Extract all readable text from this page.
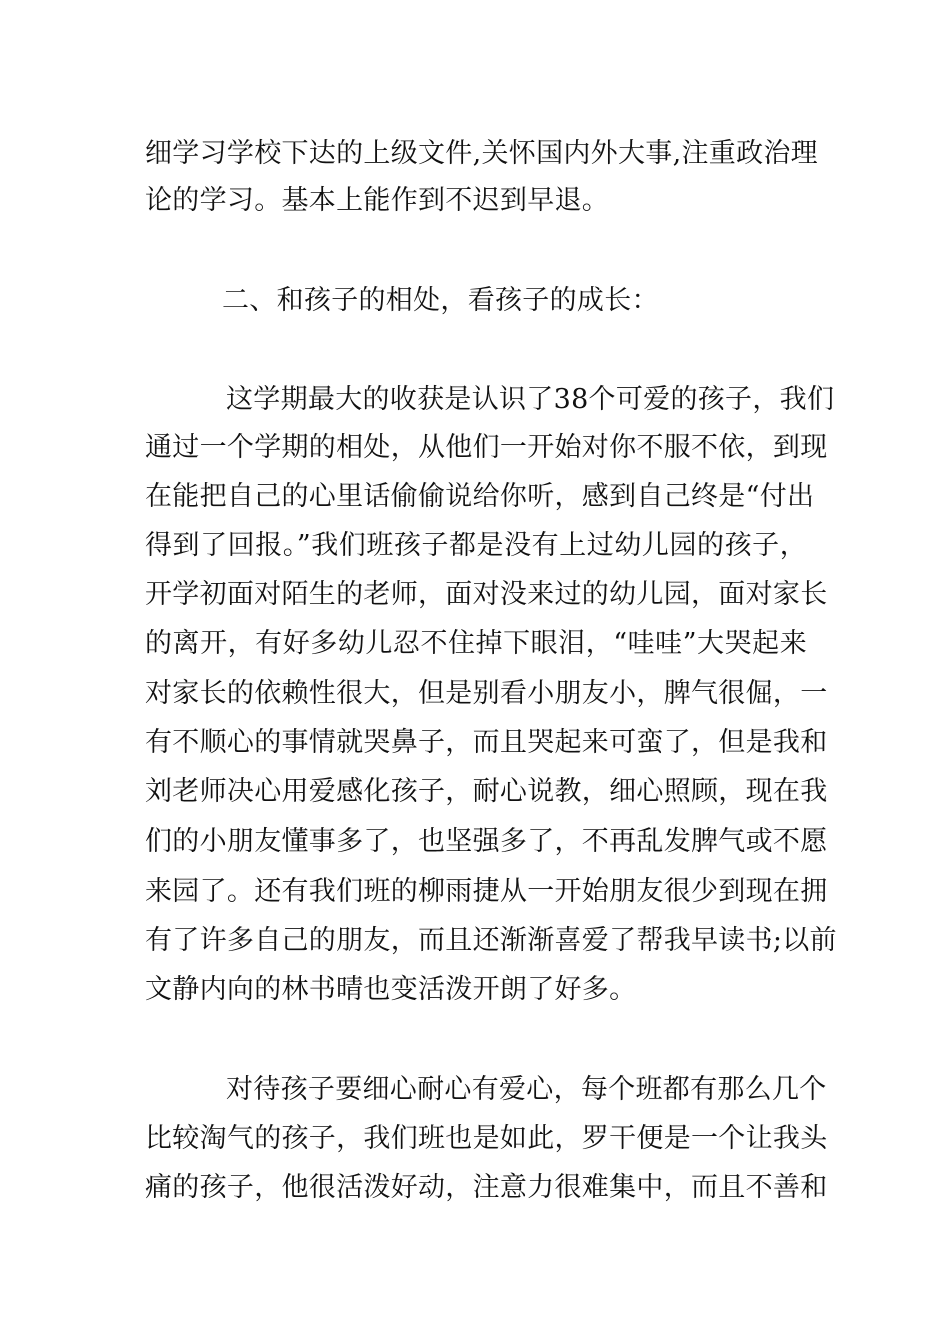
细学习学校下达的上级文件,关怀国内外大事,注重政治理
论的学习。基本上能作到不迟到早退。
二、和孩子的相处，看孩子的成长：
这学期最大的收获是认识了38个可爱的孩子，我们
通过一个学期的相处，从他们一开始对你不服不依，到现
在能把自己的心里话偷偷说给你听，感到自己终是“付出
得到了回报。”我们班孩子都是没有上过幼儿园的孩子，
开学初面对陌生的老师，面对没来过的幼儿园，面对家长
的离开，有好多幼儿忍不住掉下眼泪，“哇哇”大哭起来
对家长的依赖性很大，但是别看小朋友小，脾气很倔，一
有不顺心的事情就哭鼻子，而且哭起来可蛮了，但是我和
刘老师决心用爱感化孩子，耐心说教，细心照顾，现在我
们的小朋友懂事多了，也坚强多了，不再乱发脾气或不愿
来园了。还有我们班的柳雨捷从一开始朋友很少到现在拥
有了许多自己的朋友，而且还渐渐喜爱了帮我早读书;以前
文静内向的林书晴也变活泼开朗了好多。
对待孩子要细心耐心有爱心，每个班都有那么几个
比较淘气的孩子，我们班也是如此，罗干便是一个让我头
痛的孩子，他很活泼好动，注意力很难集中，而且不善和
